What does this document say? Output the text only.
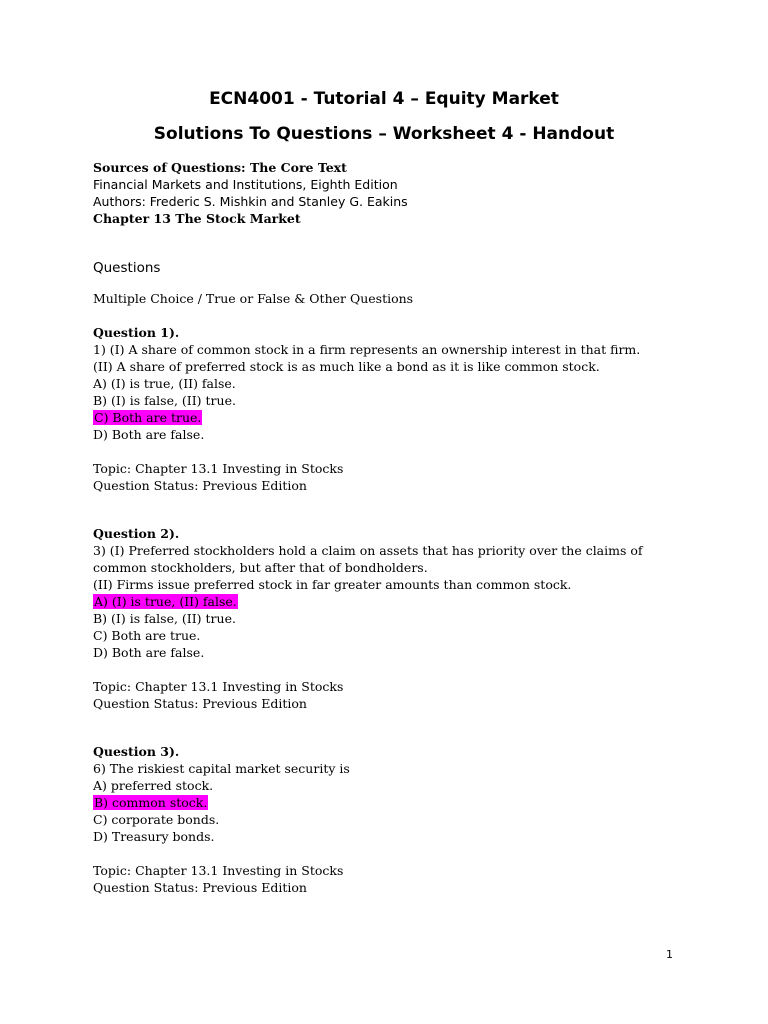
ECN4001 - Tutorial 4 – Equity Market
Solutions To Questions – Worksheet 4 - Handout
Sources of Questions: The Core Text
Financial Markets and Institutions, Eighth Edition
Authors: Frederic S. Mishkin and Stanley G. Eakins
Chapter 13 The Stock Market
Questions
Multiple Choice / True or False & Other Questions
Question 1).
1) (I) A share of common stock in a firm represents an ownership interest in that firm.
(II) A share of preferred stock is as much like a bond as it is like common stock.
A) (I) is true, (II) false.
B) (I) is false, (II) true.
C) Both are true.
D) Both are false.
Topic: Chapter 13.1 Investing in Stocks
Question Status: Previous Edition
Question 2).
3) (I) Preferred stockholders hold a claim on assets that has priority over the claims of
common stockholders, but after that of bondholders.
(II) Firms issue preferred stock in far greater amounts than common stock.
A) (I) is true, (II) false.
B) (I) is false, (II) true.
C) Both are true.
D) Both are false.
Topic: Chapter 13.1 Investing in Stocks
Question Status: Previous Edition
Question 3).
6) The riskiest capital market security is
A) preferred stock.
B) common stock.
C) corporate bonds.
D) Treasury bonds.
Topic: Chapter 13.1 Investing in Stocks
Question Status: Previous Edition
1
